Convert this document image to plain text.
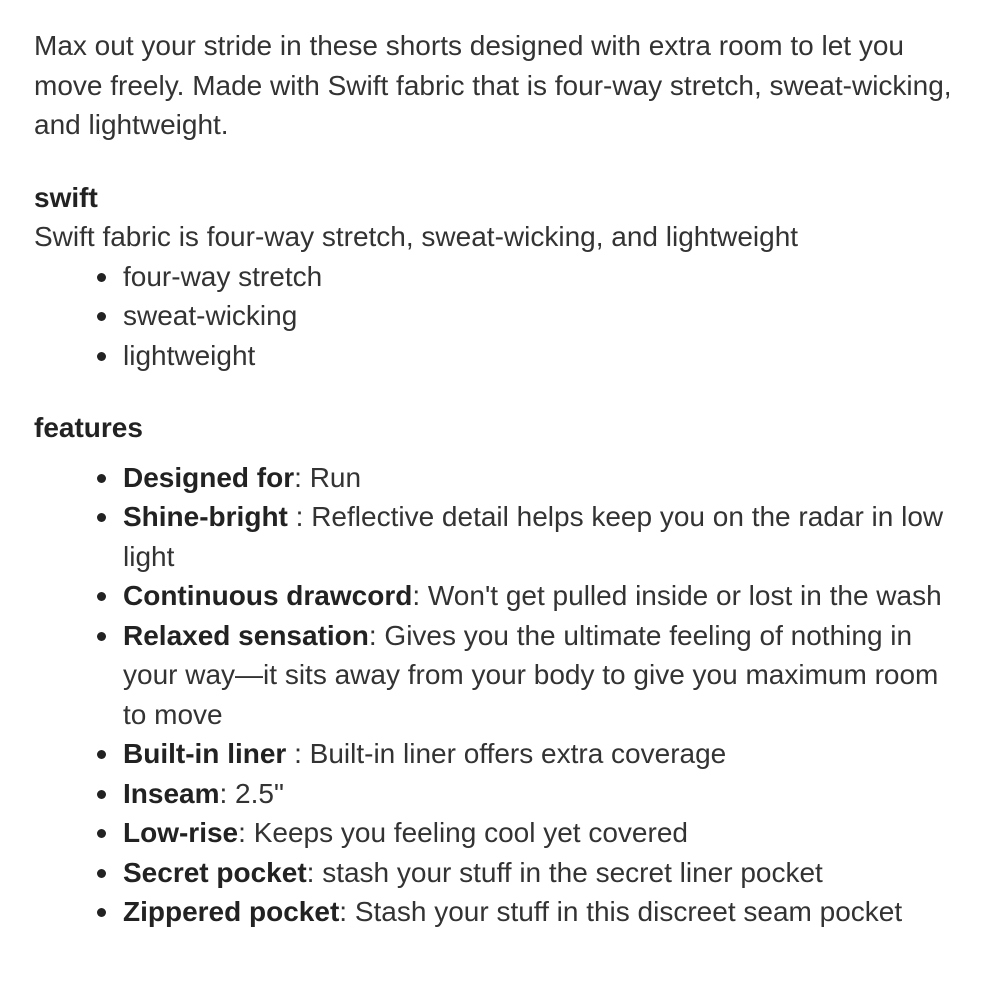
Max out your stride in these shorts designed with extra room to let you move freely. Made with Swift fabric that is four-way stretch, sweat-wicking, and lightweight.

swift

Swift fabric is four-way stretch, sweat-wicking, and lightweight

four-way stretch
sweat-wicking
lightweight
features
Designed for: Run
Shine-bright : Reflective detail helps keep you on the radar in low light
Continuous drawcord: Won't get pulled inside or lost in the wash
Relaxed sensation: Gives you the ultimate feeling of nothing in your way—it sits away from your body to give you maximum room to move
Built-in liner : Built-in liner offers extra coverage
Inseam: 2.5"
Low-rise: Keeps you feeling cool yet covered
Secret pocket: stash your stuff in the secret liner pocket
Zippered pocket: Stash your stuff in this discreet seam pocket
